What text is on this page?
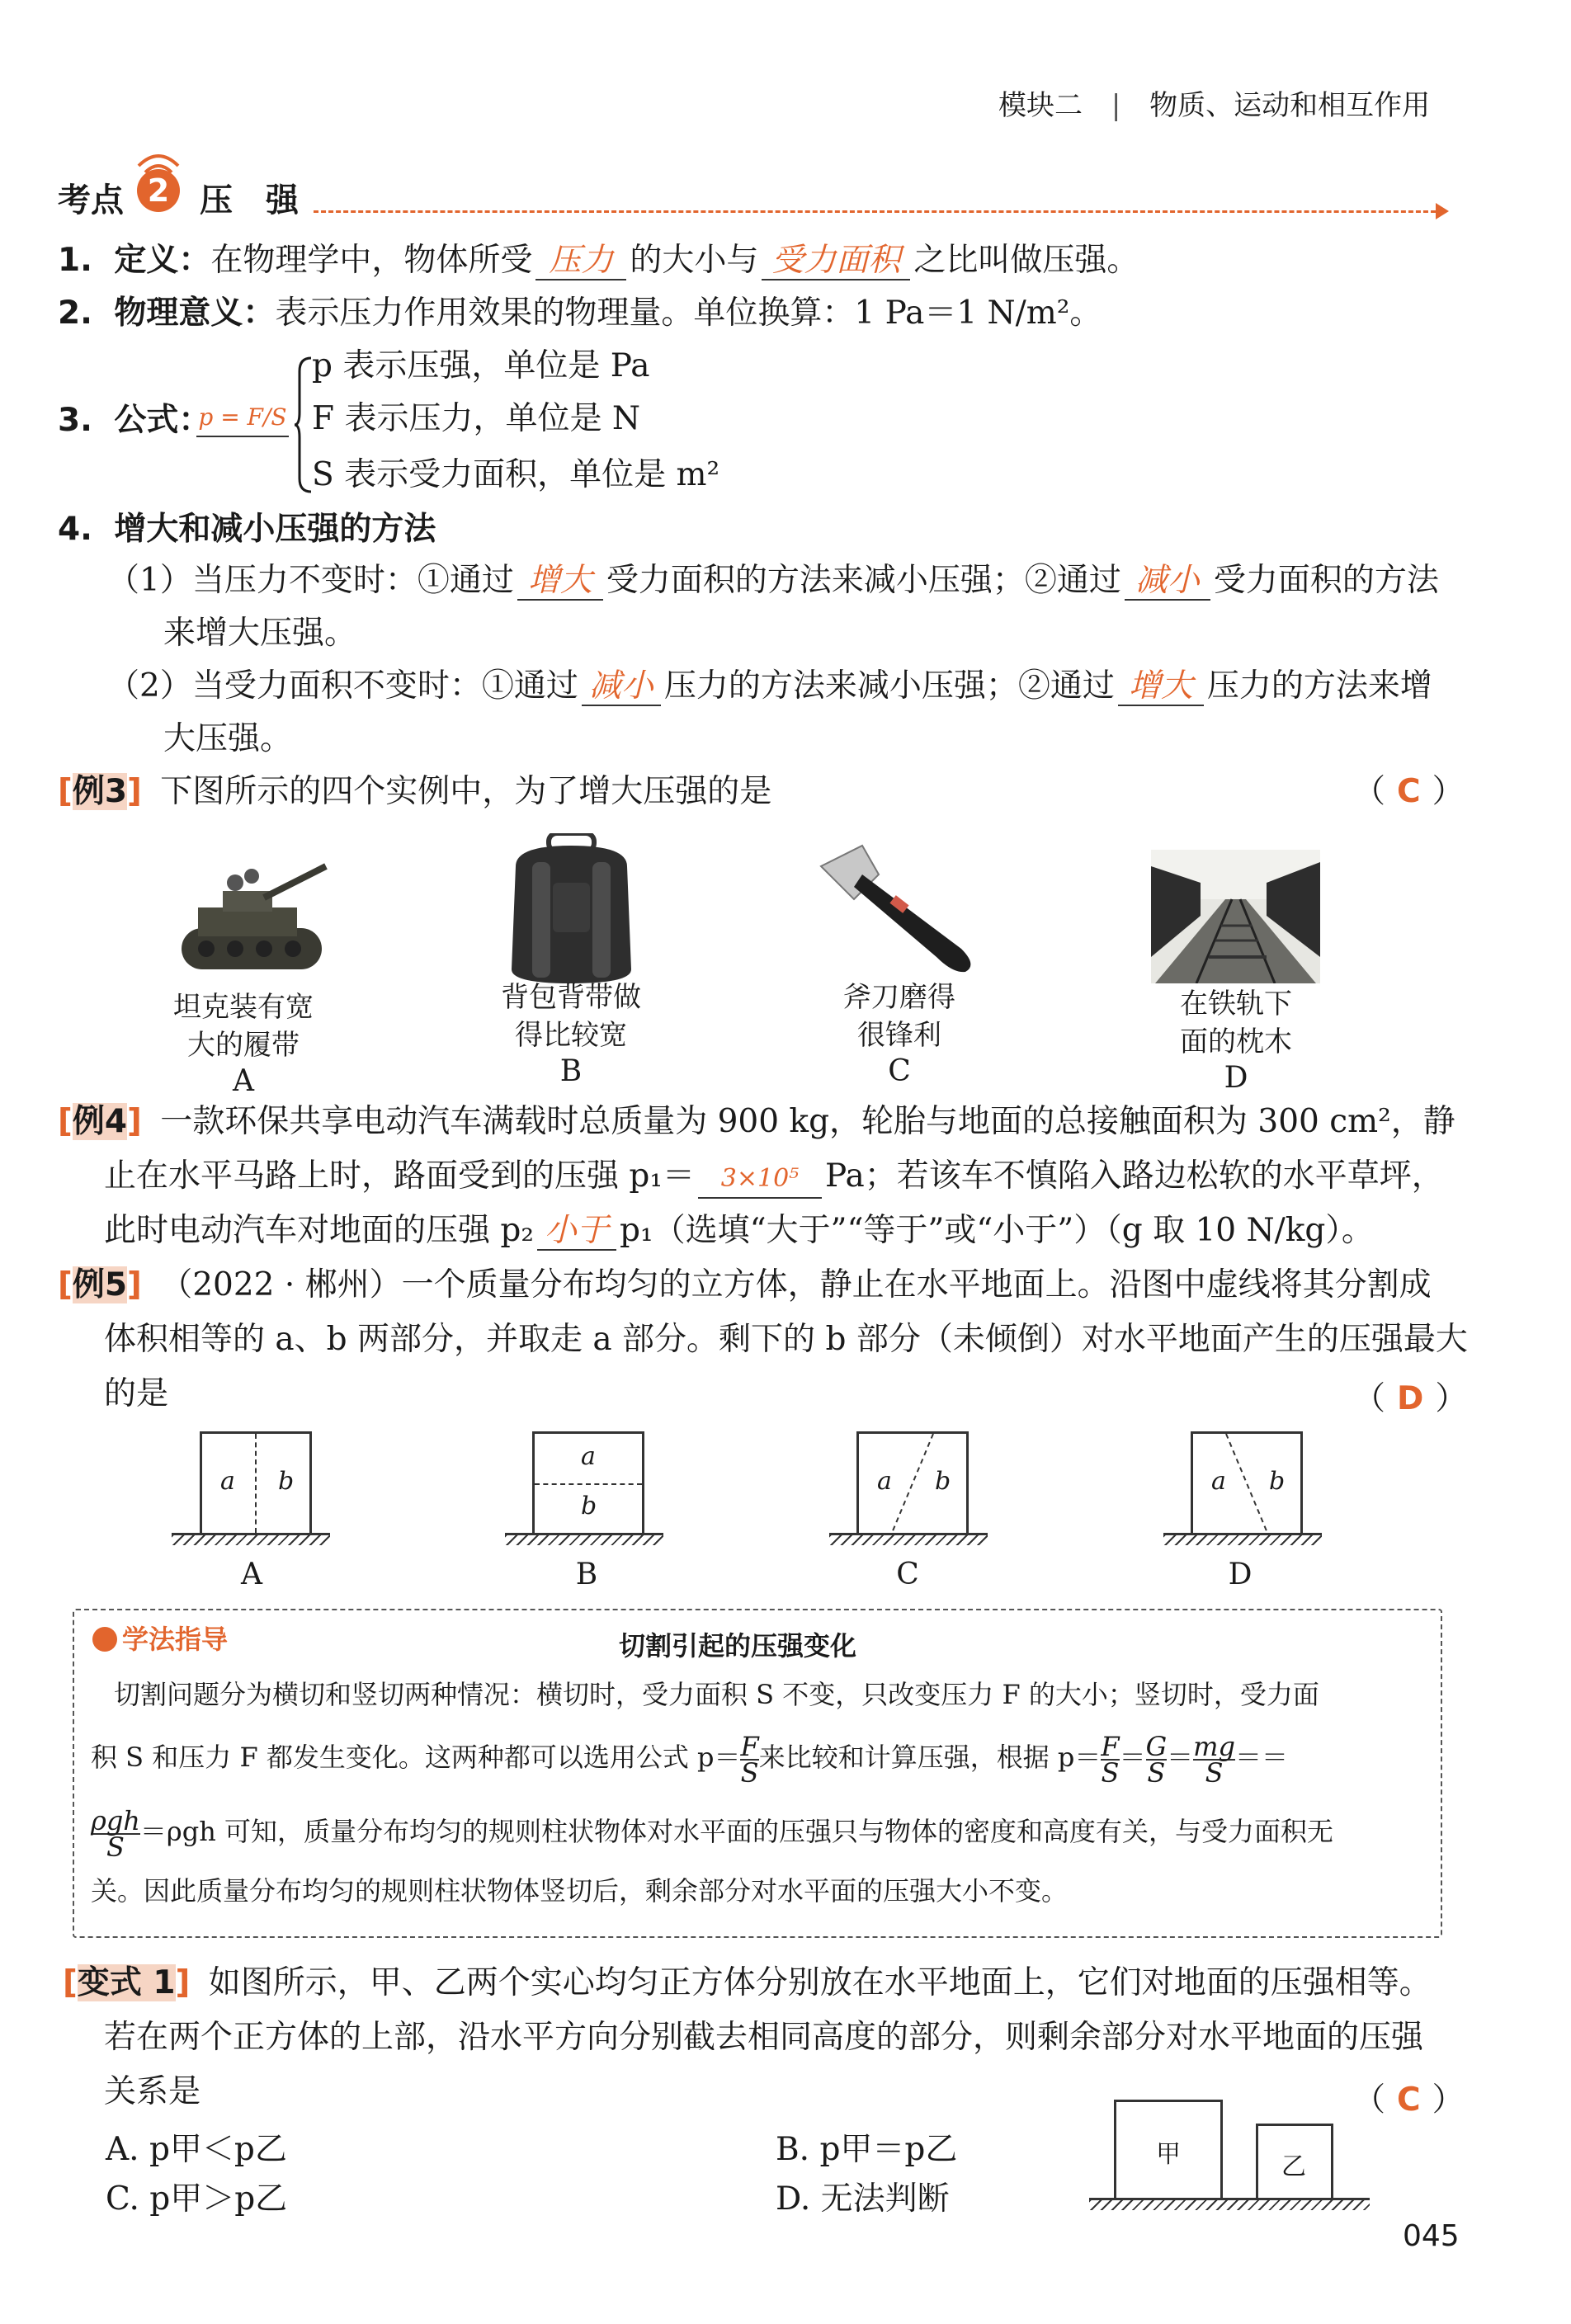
模块二 | 物质、运动和相互作用
考点 2 压　强
1. 定义：在物理学中，物体所受 压力 的大小与 受力面积 之比叫做压强。
2. 物理意义：表示压力作用效果的物理量。单位换算：1 Pa＝1 N/m²。
3. 公式：
p = F/S
p 表示压强，单位是 Pa
F 表示压力，单位是 N
S 表示受力面积，单位是 m²
4. 增大和减小压强的方法
（1）当压力不变时：①通过 增大 受力面积的方法来减小压强；②通过 减小 受力面积的方法
来增大压强。
（2）当受力面积不变时：①通过 减小 压力的方法来减小压强；②通过 增大 压力的方法来增
大压强。
[例3] 下图所示的四个实例中，为了增大压强的是	（ C ）
坦克装有宽
大的履带
A
背包背带做
得比较宽
B
斧刀磨得
很锋利
C
在铁轨下
面的枕木
D
[例4] 一款环保共享电动汽车满载时总质量为 900 kg，轮胎与地面的总接触面积为 300 cm²，静
止在水平马路上时，路面受到的压强 p₁＝ 3×10⁵ Pa；若该车不慎陷入路边松软的水平草坪，
此时电动汽车对地面的压强 p₂ 小于 p₁（选填“大于”“等于”或“小于”）（g 取 10 N/kg）。
[例5] （2022 · 郴州）一个质量分布均匀的立方体，静止在水平地面上。沿图中虚线将其分割成
体积相等的 a、b 两部分，并取走 a 部分。剩下的 b 部分（未倾倒）对水平地面产生的压强最大
的是	（ D ）
a b
A
a
b
B
a b
C
a b
D
学法指导	切割引起的压强变化
切割问题分为横切和竖切两种情况：横切时，受力面积 S 不变，只改变压力 F 的大小；竖切时，受力面
积 S 和压力 F 都发生变化。这两种都可以选用公式 $p= \frac{F}{S}$ 来比较和计算压强，根据 $p= \frac{F}{S} = \frac{G}{S} = \frac{mg}{S}$ ＝＝
ρgh
S ＝ρgh 可知，质量分布均匀的规则柱状物体对水平面的压强只与物体的密度和高度有关，与受力面积无
关。因此质量分布均匀的规则柱状物体竖切后，剩余部分对水平面的压强大小不变。
[变式 1] 如图所示，甲、乙两个实心均匀正方体分别放在水平地面上，它们对地面的压强相等。
若在两个正方体的上部，沿水平方向分别截去相同高度的部分，则剩余部分对水平地面的压强
关系是	（ C ）
A. p甲＜p乙	B. p甲＝p乙
C. p甲＞p乙	D. 无法判断
甲	乙
045
